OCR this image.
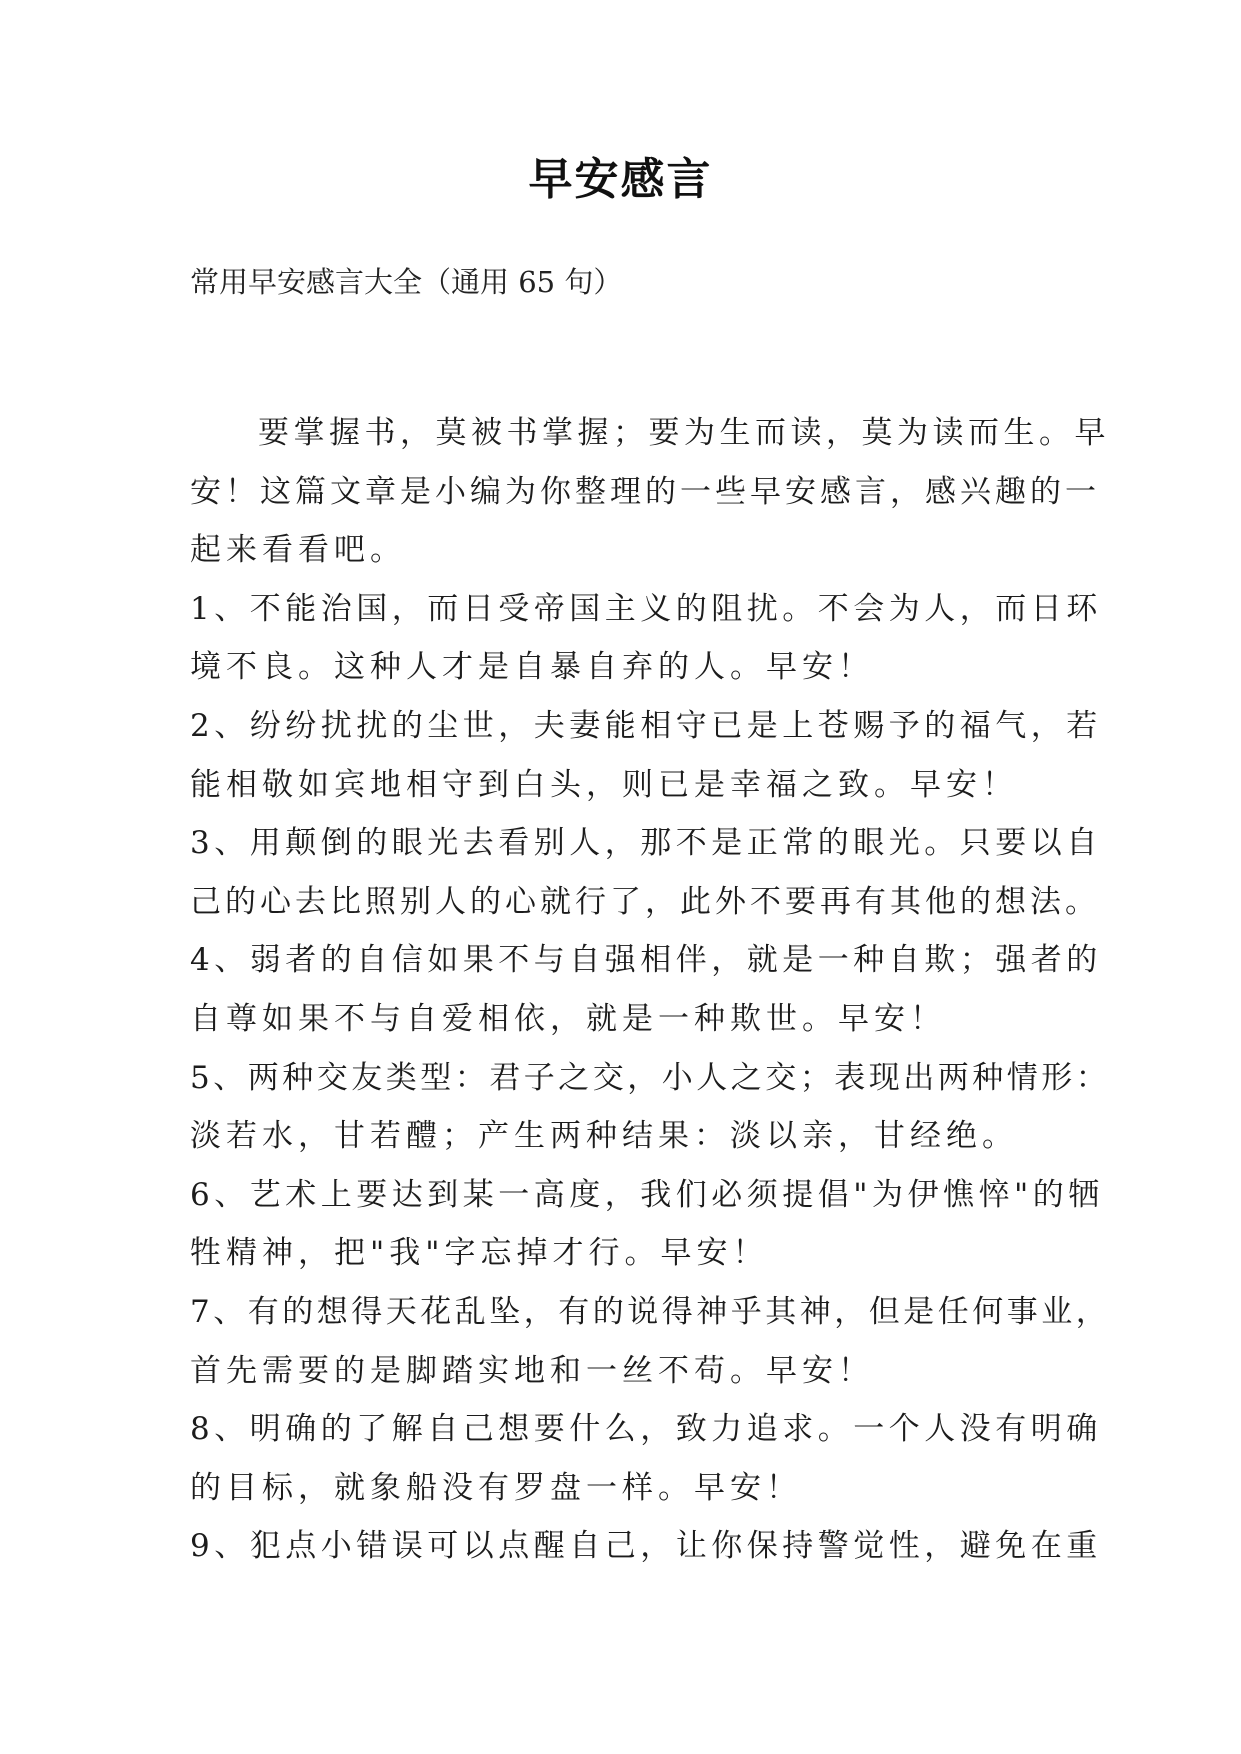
早安感言
常用早安感言大全（通用 65 句）
要掌握书，莫被书掌握；要为生而读，莫为读而生。早
安！这篇文章是小编为你整理的一些早安感言，感兴趣的一
起来看看吧。
1、不能治国，而日受帝国主义的阻扰。不会为人，而日环
境不良。这种人才是自暴自弃的人。早安！
2、纷纷扰扰的尘世，夫妻能相守已是上苍赐予的福气，若
能相敬如宾地相守到白头，则已是幸福之致。早安！
3、用颠倒的眼光去看别人，那不是正常的眼光。只要以自
己的心去比照别人的心就行了，此外不要再有其他的想法。
4、弱者的自信如果不与自强相伴，就是一种自欺；强者的
自尊如果不与自爱相依，就是一种欺世。早安！
5、两种交友类型：君子之交，小人之交；表现出两种情形：
淡若水，甘若醴；产生两种结果：淡以亲，甘经绝。
6、艺术上要达到某一高度，我们必须提倡"为伊憔悴"的牺
牲精神，把"我"字忘掉才行。早安！
7、有的想得天花乱坠，有的说得神乎其神，但是任何事业，
首先需要的是脚踏实地和一丝不苟。早安！
8、明确的了解自己想要什么，致力追求。一个人没有明确
的目标，就象船没有罗盘一样。早安！
9、犯点小错误可以点醒自己，让你保持警觉性，避免在重
